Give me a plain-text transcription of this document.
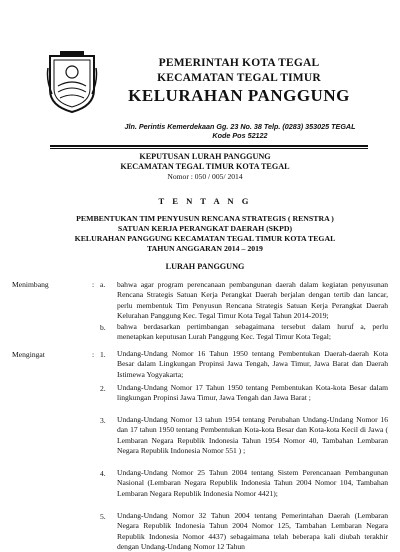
PEMERINTAH KOTA TEGAL
KECAMATAN TEGAL TIMUR
KELURAHAN PANGGUNG
Jln. Perintis Kemerdekaan Gg. 23 No. 38 Telp. (0283) 353025 TEGAL
Kode Pos 52122
KEPUTUSAN LURAH PANGGUNG
KECAMATAN TEGAL TIMUR KOTA TEGAL
Nomor : 050 / 005/ 2014
T E N T A N G
PEMBENTUKAN TIM PENYUSUN RENCANA STRATEGIS ( RENSTRA )
SATUAN KERJA PERANGKAT DAERAH (SKPD)
KELURAHAN PANGGUNG KECAMATAN TEGAL TIMUR KOTA TEGAL
TAHUN ANGGARAN 2014 – 2019
LURAH PANGGUNG
Menimbang	: a. bahwa agar program perencanaan pembangunan daerah dalam kegiatan penyusunan Rencana Strategis Satuan Kerja Perangkat Daerah berjalan dengan tertib dan lancar, perlu membentuk Tim Penyusun Rencana Strategis Satuan Kerja Perangkat Daerah Kelurahan Panggung Kec. Tegal Timur Kota Tegal Tahun 2014-2019;
b. bahwa berdasarkan pertimbangan sebagaimana tersebut dalam huruf a, perlu menetapkan keputusan Lurah Panggung Kec. Tegal Timur Kota Tegal;
Mengingat	: 1. Undang-Undang Nomor 16 Tahun 1950 tentang Pembentukan Daerah-daerah Kota Besar dalam Lingkungan Propinsi Jawa Tengah, Jawa Timur, Jawa Barat dan Daerah Istimewa Yogyakarta;
2. Undang-Undang Nomor 17 Tahun 1950 tentang Pembentukan Kota-kota Besar dalam lingkungan Propinsi Jawa Timur, Jawa Tengah dan Jawa Barat ;
3. Undang-Undang Nomor 13 tahun 1954 tentang Perubahan Undang-Undang Nomor 16 dan 17 tahun 1950 tentang Pembentukan Kota-kota Besar dan Kota-kota Kecil di Jawa ( Lembaran Negara Republik Indonesia Tahun 1954 Nomor 40, Tambahan Lembaran Negara Republik Indonesia Nomor 551 ) ;
4. Undang-Undang Nomor 25 Tahun 2004 tentang Sistem Perencanaan Pembangunan Nasional (Lembaran Negara Republik Indonesia Tahun 2004 Nomor 104, Tambahan Lembaran Negara Republik Indonesia Nomor 4421);
5. Undang-Undang Nomor 32 Tahun 2004 tentang Pemerintahan Daerah (Lembaran Negara Republik Indonesia Tahun 2004 Nomor 125, Tambahan Lembaran Negara Republik Indonesia Nomor 4437) sebagaimana telah beberapa kali diubah terakhir dengan Undang-Undang Nomor 12 Tahun
